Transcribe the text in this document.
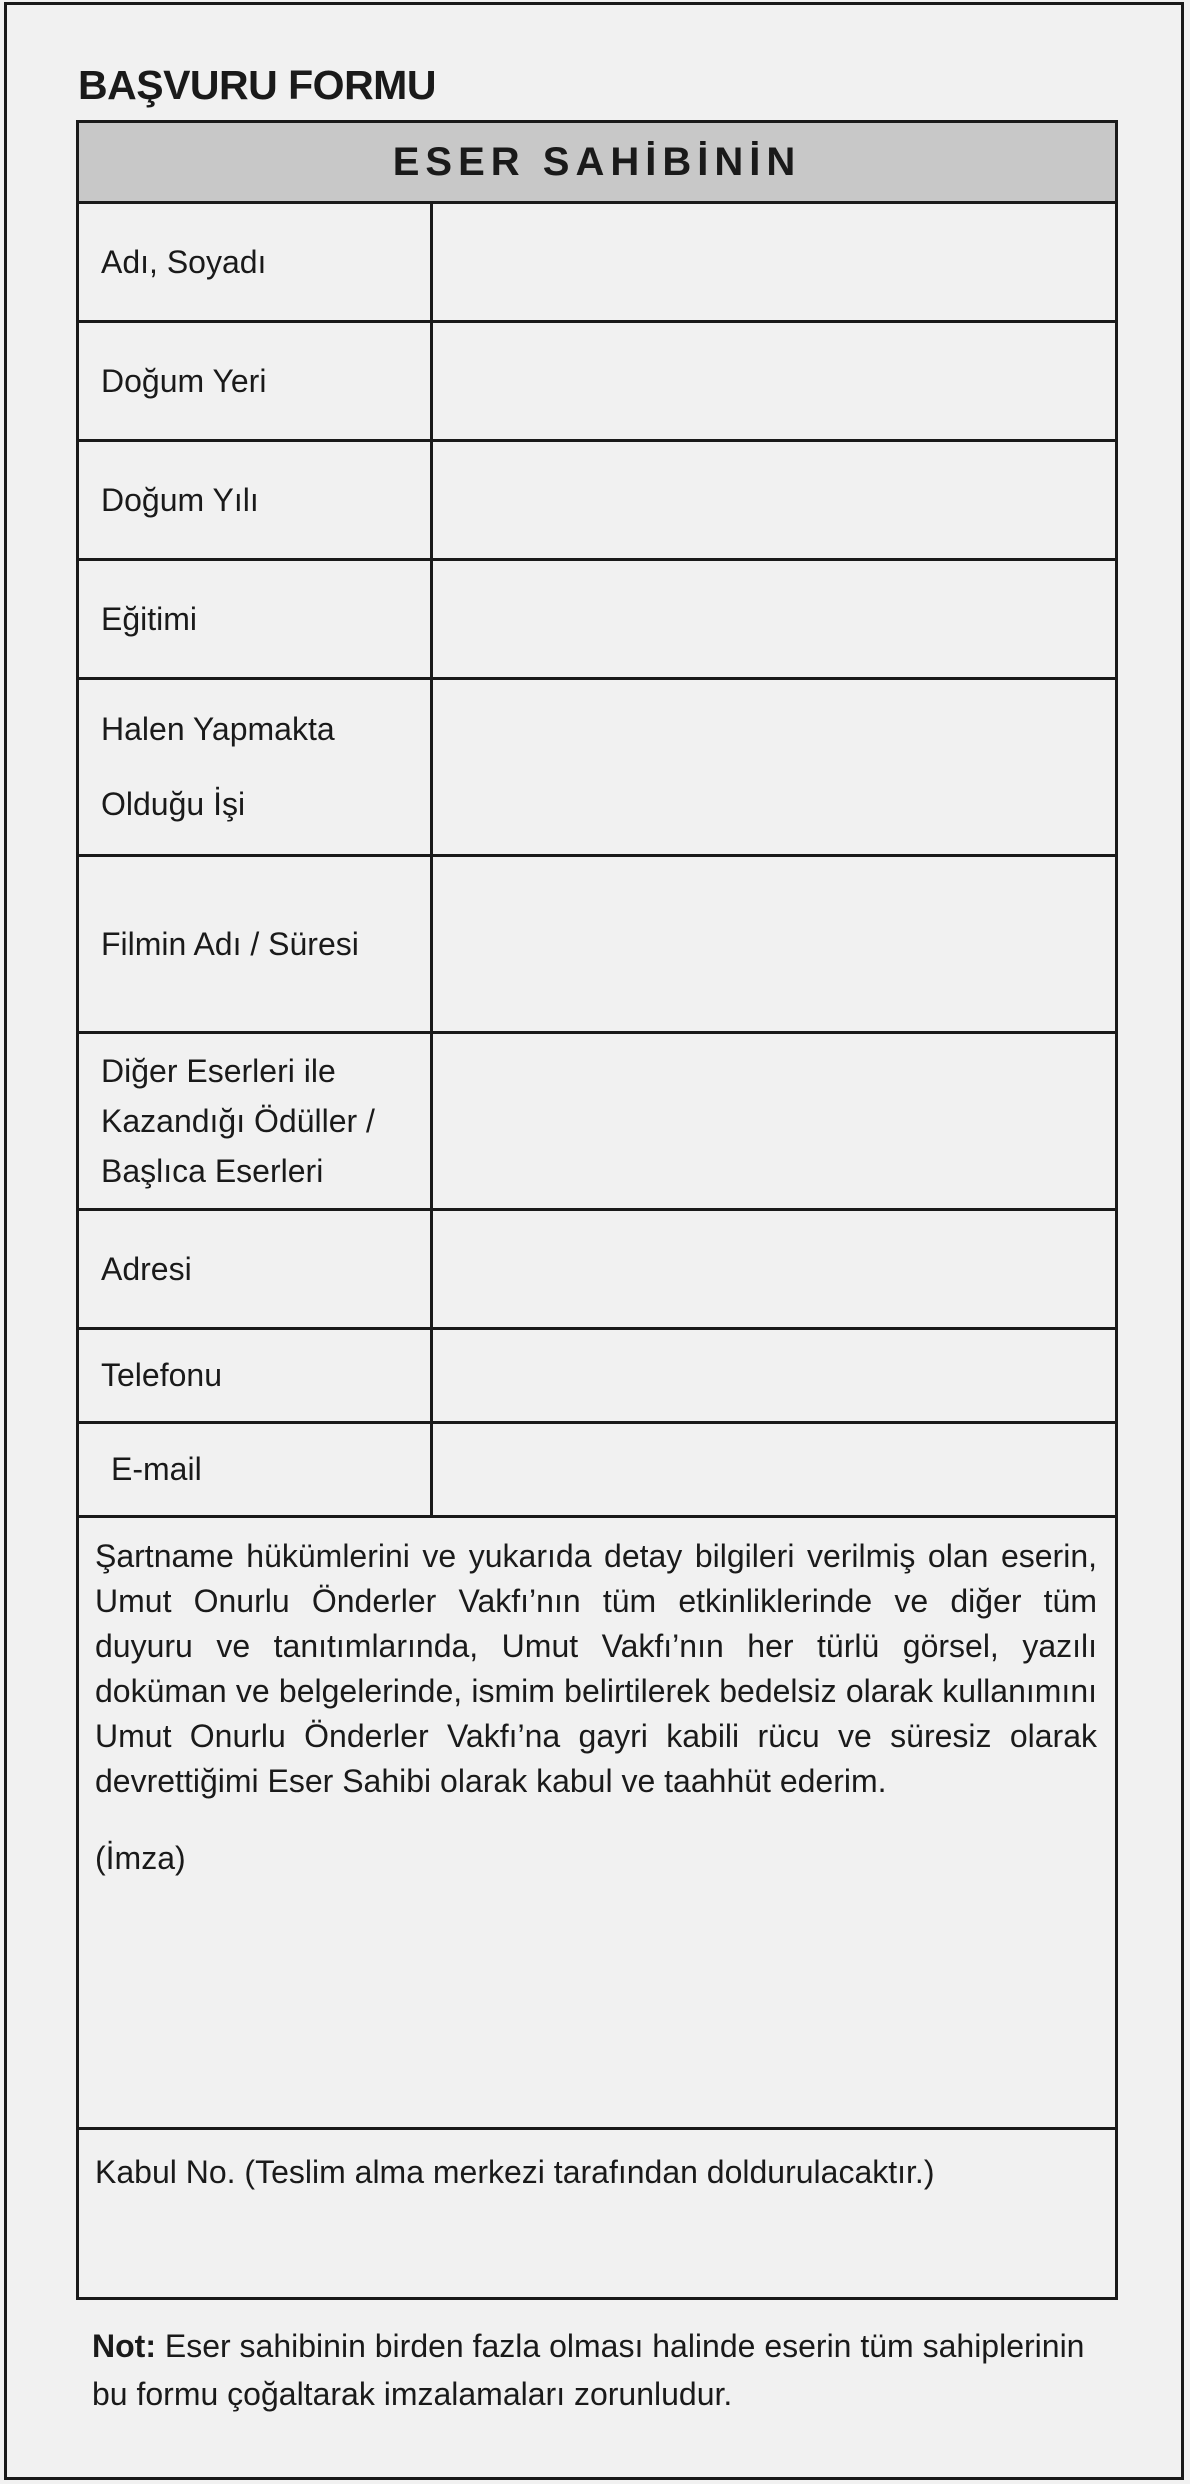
BAŞVURU FORMU
ESER SAHİBİNİN
Adı, Soyadı
Doğum Yeri
Doğum Yılı
Eğitimi
Halen Yapmakta
Olduğu İşi
Filmin Adı / Süresi
Diğer Eserleri ile
Kazandığı Ödüller /
Başlıca Eserleri
Adresi
Telefonu
E-mail

Şartname hükümlerini ve yukarıda detay bilgileri verilmiş olan eserin, Umut Onurlu Önderler Vakfı’nın tüm etkinliklerinde ve diğer tüm duyuru ve tanıtımlarında, Umut Vakfı’nın her türlü görsel, yazılı doküman ve belgelerinde, ismim belirtilerek bedelsiz olarak kullanımını Umut Onurlu Önderler Vakfı’na gayri kabili rücu ve süresiz olarak devrettiğimi Eser Sahibi olarak kabul ve taahhüt ederim.

(İmza)
Kabul No. (Teslim alma merkezi tarafından doldurulacaktır.)
Not: Eser sahibinin birden fazla olması halinde eserin tüm sahiplerinin bu formu çoğaltarak imzalamaları zorunludur.
